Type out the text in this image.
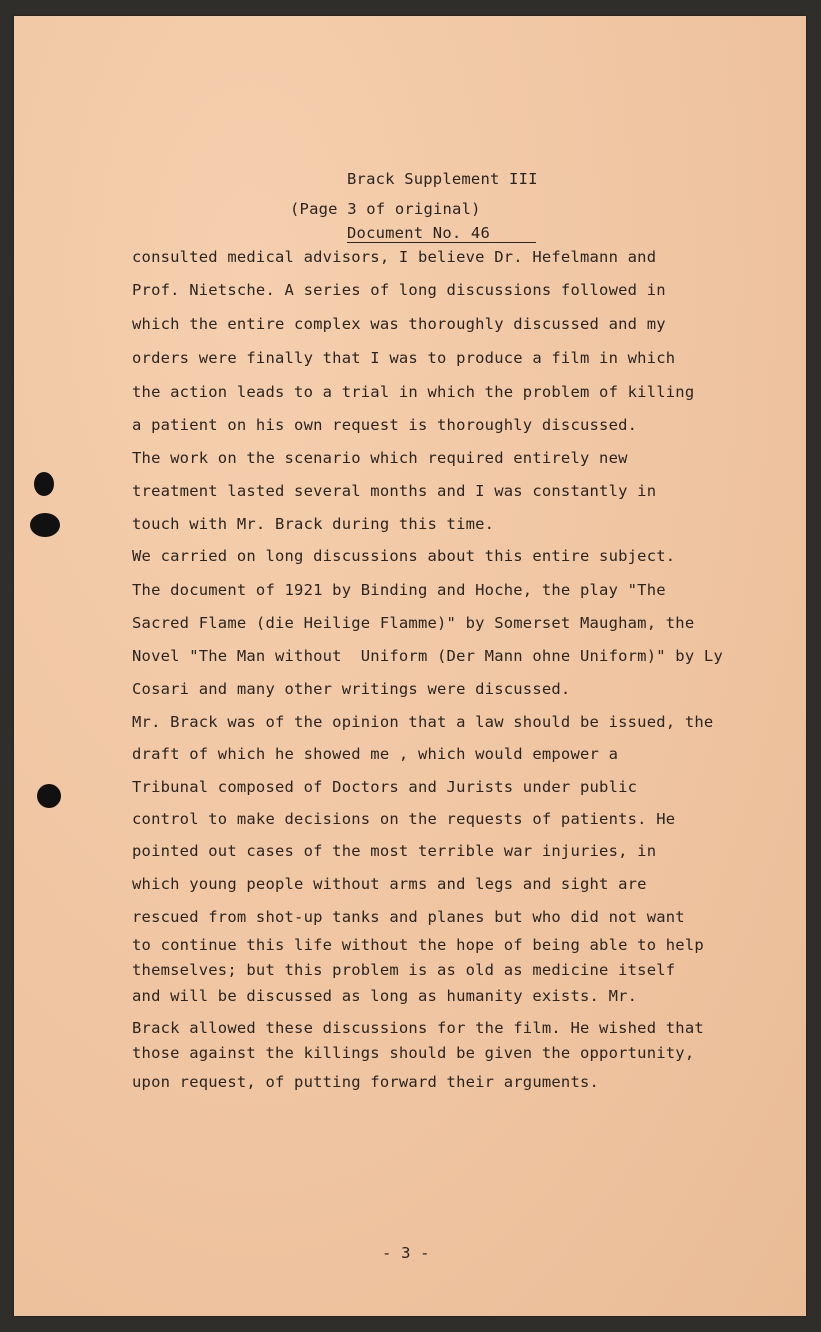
Brack Supplement III

Document No. 46

(Page 3 of original)
consulted medical advisors, I believe Dr. Hefelmann and
Prof. Nietsche. A series of long discussions followed in
which the entire complex was thoroughly discussed and my
orders were finally that I was to produce a film in which
the action leads to a trial in which the problem of killing
a patient on his own request is thoroughly discussed.
The work on the scenario which required entirely new
treatment lasted several months and I was constantly in
touch with Mr. Brack during this time.
We carried on long discussions about this entire subject.
The document of 1921 by Binding and Hoche, the play "The
Sacred Flame (die Heilige Flamme)" by Somerset Maugham, the
Novel "The Man without  Uniform (Der Mann ohne Uniform)" by Ly
Cosari and many other writings were discussed.
Mr. Brack was of the opinion that a law should be issued, the
draft of which he showed me , which would empower a
Tribunal composed of Doctors and Jurists under public
control to make decisions on the requests of patients. He
pointed out cases of the most terrible war injuries, in
which young people without arms and legs and sight are
rescued from shot-up tanks and planes but who did not want
to continue this life without the hope of being able to help
themselves; but this problem is as old as medicine itself
and will be discussed as long as humanity exists. Mr.
Brack allowed these discussions for the film. He wished that
those against the killings should be given the opportunity,
upon request, of putting forward their arguments.
- 3 -
